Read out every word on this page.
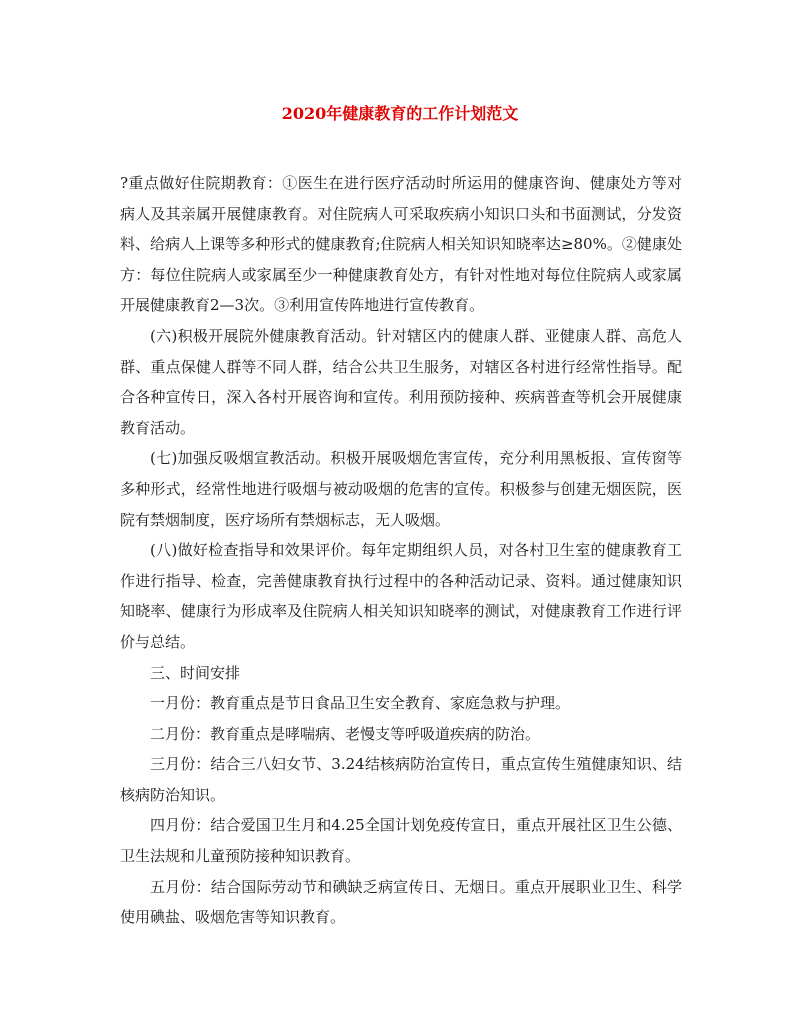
2020年健康教育的工作计划范文

?重点做好住院期教育：①医生在进行医疗活动时所运用的健康咨询、健康处方等对病人及其亲属开展健康教育。对住院病人可采取疾病小知识口头和书面测试，分发资料、给病人上课等多种形式的健康教育;住院病人相关知识知晓率达≥80%。②健康处方：每位住院病人或家属至少一种健康教育处方，有针对性地对每位住院病人或家属开展健康教育2—3次。③利用宣传阵地进行宣传教育。

(六)积极开展院外健康教育活动。针对辖区内的健康人群、亚健康人群、高危人群、重点保健人群等不同人群，结合公共卫生服务，对辖区各村进行经常性指导。配合各种宣传日，深入各村开展咨询和宣传。利用预防接种、疾病普查等机会开展健康教育活动。

(七)加强反吸烟宣教活动。积极开展吸烟危害宣传，充分利用黑板报、宣传窗等多种形式，经常性地进行吸烟与被动吸烟的危害的宣传。积极参与创建无烟医院，医院有禁烟制度，医疗场所有禁烟标志，无人吸烟。

(八)做好检查指导和效果评价。每年定期组织人员，对各村卫生室的健康教育工作进行指导、检查，完善健康教育执行过程中的各种活动记录、资料。通过健康知识知晓率、健康行为形成率及住院病人相关知识知晓率的测试，对健康教育工作进行评价与总结。

三、时间安排

一月份：教育重点是节日食品卫生安全教育、家庭急救与护理。

二月份：教育重点是哮喘病、老慢支等呼吸道疾病的防治。

三月份：结合三八妇女节、3.24结核病防治宣传日，重点宣传生殖健康知识、结核病防治知识。

四月份：结合爱国卫生月和4.25全国计划免疫传宣日，重点开展社区卫生公德、卫生法规和儿童预防接种知识教育。

五月份：结合国际劳动节和碘缺乏病宣传日、无烟日。重点开展职业卫生、科学使用碘盐、吸烟危害等知识教育。
